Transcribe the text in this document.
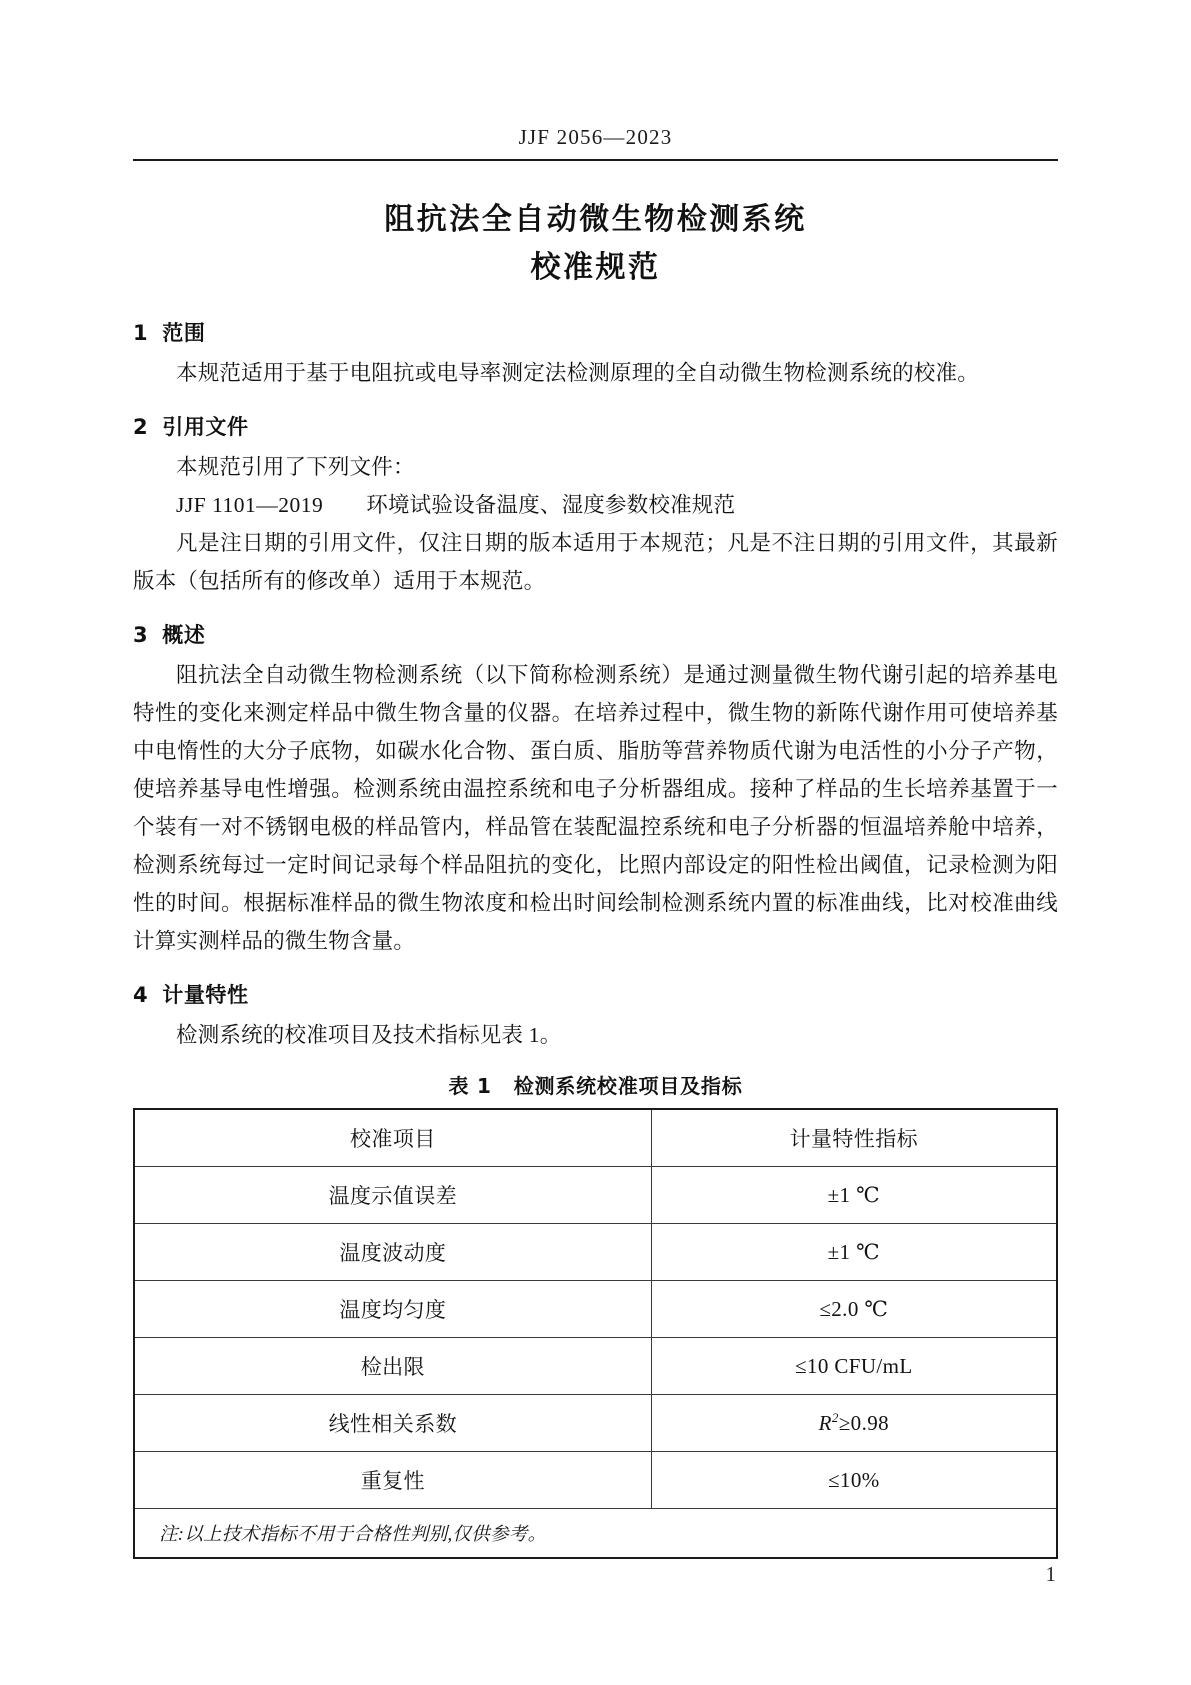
JJF 2056—2023
阻抗法全自动微生物检测系统
校准规范
1 范围

本规范适用于基于电阻抗或电导率测定法检测原理的全自动微生物检测系统的校准。

2 引用文件

本规范引用了下列文件：

JJF 1101—2019 环境试验设备温度、湿度参数校准规范

凡是注日期的引用文件，仅注日期的版本适用于本规范；凡是不注日期的引用文件，其最新版本（包括所有的修改单）适用于本规范。

3 概述

阻抗法全自动微生物检测系统（以下简称检测系统）是通过测量微生物代谢引起的培养基电特性的变化来测定样品中微生物含量的仪器。在培养过程中，微生物的新陈代谢作用可使培养基中电惰性的大分子底物，如碳水化合物、蛋白质、脂肪等营养物质代谢为电活性的小分子产物，使培养基导电性增强。检测系统由温控系统和电子分析器组成。接种了样品的生长培养基置于一个装有一对不锈钢电极的样品管内，样品管在装配温控系统和电子分析器的恒温培养舱中培养，检测系统每过一定时间记录每个样品阻抗的变化，比照内部设定的阳性检出阈值，记录检测为阳性的时间。根据标准样品的微生物浓度和检出时间绘制检测系统内置的标准曲线，比对校准曲线计算实测样品的微生物含量。

4 计量特性

检测系统的校准项目及技术指标见表 1。

表 1 检测系统校准项目及指标
校准项目	计量特性指标
温度示值误差	±1 ℃
温度波动度	±1 ℃
温度均匀度	≤2.0 ℃
检出限	≤10 CFU/mL
线性相关系数	$R^2\ge 0.98$
重复性	≤10%
注:以上技术指标不用于合格性判别,仅供参考。	
1
